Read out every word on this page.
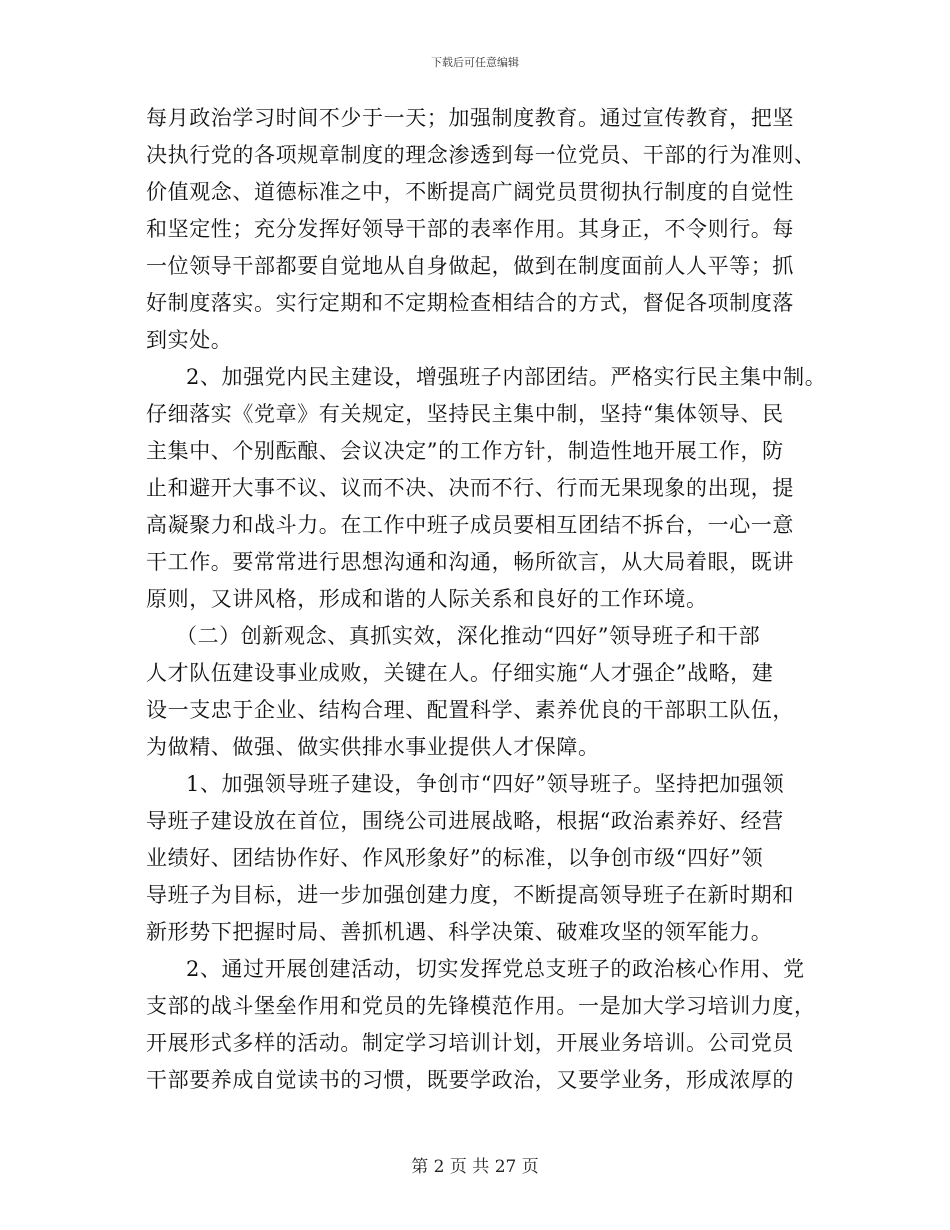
下载后可任意编辑
每月政治学习时间不少于一天；加强制度教育。通过宣传教育，把坚
决执行党的各项规章制度的理念渗透到每一位党员、干部的行为准则、
价值观念、道德标准之中，不断提高广阔党员贯彻执行制度的自觉性
和坚定性；充分发挥好领导干部的表率作用。其身正，不令则行。每
一位领导干部都要自觉地从自身做起，做到在制度面前人人平等；抓
好制度落实。实行定期和不定期检查相结合的方式，督促各项制度落
到实处。
2、加强党内民主建设，增强班子内部团结。严格实行民主集中制。
仔细落实《党章》有关规定，坚持民主集中制，坚持“集体领导、民
主集中、个别酝酿、会议决定”的工作方针，制造性地开展工作，防
止和避开大事不议、议而不决、决而不行、行而无果现象的出现，提
高凝聚力和战斗力。在工作中班子成员要相互团结不拆台，一心一意
干工作。要常常进行思想沟通和沟通，畅所欲言，从大局着眼，既讲
原则，又讲风格，形成和谐的人际关系和良好的工作环境。
（二）创新观念、真抓实效，深化推动“四好”领导班子和干部
人才队伍建设事业成败，关键在人。仔细实施“人才强企”战略，建
设一支忠于企业、结构合理、配置科学、素养优良的干部职工队伍，
为做精、做强、做实供排水事业提供人才保障。
1、加强领导班子建设，争创市“四好”领导班子。坚持把加强领
导班子建设放在首位，围绕公司进展战略，根据“政治素养好、经营
业绩好、团结协作好、作风形象好”的标准，以争创市级“四好”领
导班子为目标，进一步加强创建力度，不断提高领导班子在新时期和
新形势下把握时局、善抓机遇、科学决策、破难攻坚的领军能力。
2、通过开展创建活动，切实发挥党总支班子的政治核心作用、党
支部的战斗堡垒作用和党员的先锋模范作用。一是加大学习培训力度，
开展形式多样的活动。制定学习培训计划，开展业务培训。公司党员
干部要养成自觉读书的习惯，既要学政治，又要学业务，形成浓厚的
第 2 页 共 27 页
